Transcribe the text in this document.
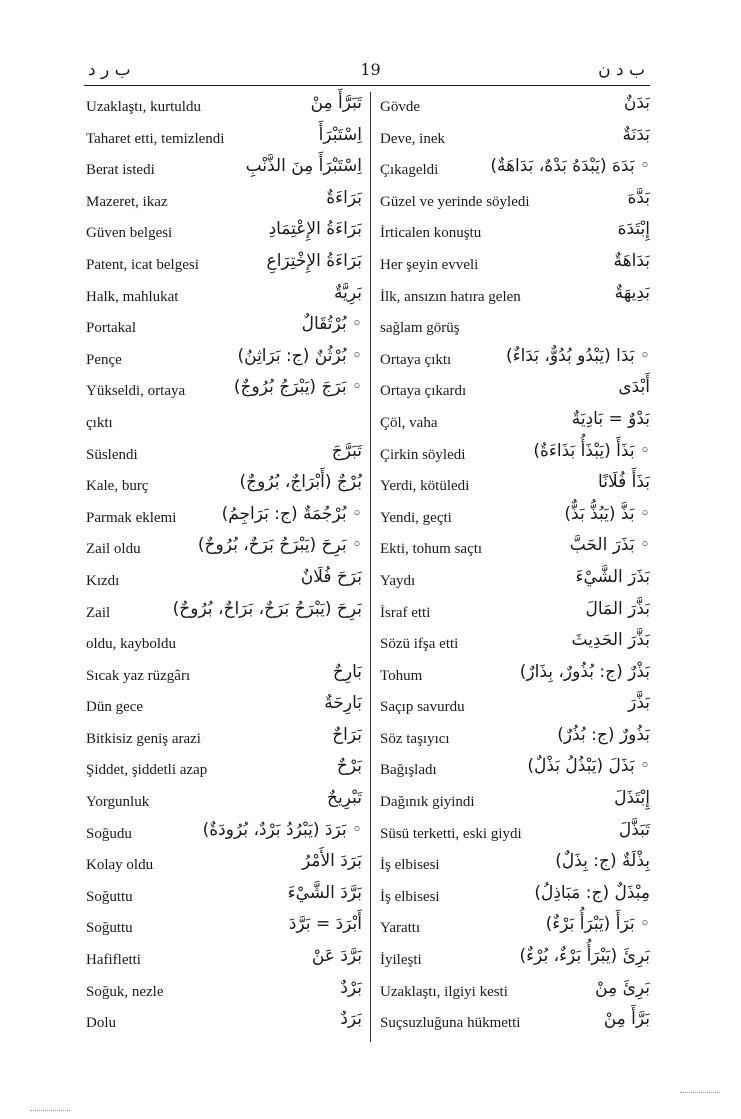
ب ر د	19	ب د ن
Uzaklaştı, kurtuldu	تَبَرَّأَ مِنْ
Taharet etti, temizlendi	اِسْتَبْرَأَ
Berat istedi	اِسْتَبْرَأَ مِنَ الذَّنْبِ
Mazeret, ikaz	بَرَاءَةٌ
Güven belgesi	بَرَاءَةُ الإِعْتِمَادِ
Patent, icat belgesi	بَرَاءَةُ الإِخْتِرَاعِ
Halk, mahlukat	بَرِيَّةٌ
Portakal	◦ بُرْتُقَالٌ
Pençe	◦ بُرْثُنٌ (ج: بَرَاثِنُ)
Yükseldi, ortaya	◦ بَرَجَ (يَبْرَجُ بُرُوجٌ)
çıktı
Süslendi	تَبَرَّجَ
Kale, burç	بُرْجٌ (أَبْرَاجٌ، بُرُوجٌ)
Parmak eklemi	◦ بُرْجُمَةٌ (ج: بَرَاجِمُ)
Zail oldu	◦ بَرِحَ (يَبْرَحُ بَرَحٌ، بُرُوحٌ)
Kızdı	بَرَحَ فُلَانٌ
Zail	بَرِحَ (يَبْرَحُ بَرَحٌ، بَرَاحٌ، بُرُوحٌ)
oldu, kayboldu
Sıcak yaz rüzgârı	بَارِحٌ
Dün gece	بَارِحَةٌ
Bitkisiz geniş arazi	بَرَاحٌ
Şiddet, şiddetli azap	بَرْحٌ
Yorgunluk	تَبْرِيحٌ
Soğudu	◦ بَرَدَ (يَبْرُدُ بَرْدٌ، بُرُودَةٌ)
Kolay oldu	بَرَدَ الأَمْرُ
Soğuttu	بَرَّدَ الشَّيْءَ
Soğuttu	أَبْرَدَ = بَرَّدَ
Hafifletti	بَرَّدَ عَنْ
Soğuk, nezle	بَرْدٌ
Dolu	بَرَدٌ
Gövde	بَدَنٌ
Deve, inek	بَدَنَةٌ
Çıkageldi	◦ بَدَهَ (يَبْدَهُ بَدْهٌ، بَدَاهَةٌ)
Güzel ve yerinde söyledi	بَدَّهَ
İrticalen konuştu	إِبْتَدَهَ
Her şeyin evveli	بَدَاهَةٌ
İlk, ansızın hatıra gelen	بَدِيهَةٌ
sağlam görüş
Ortaya çıktı	◦ بَدَا (يَبْدُو بُدُوٌّ، بَدَاءٌ)
Ortaya çıkardı	أَبْدَى
Çöl, vaha	بَدْوٌ = بَادِيَةٌ
Çirkin söyledi	◦ بَذَأَ (يَبْذَأُ بَذَاءَةٌ)
Yerdi, kötüledi	بَذَأَ فُلَانًا
Yendi, geçti	◦ بَذَّ (يَبُذُّ بَذٌّ)
Ekti, tohum saçtı	◦ بَذَرَ الحَبَّ
Yaydı	بَذَرَ الشَّيْءَ
İsraf etti	بَذَّرَ المَالَ
Sözü ifşa etti	بَذَّرَ الحَدِيثَ
Tohum	بَذْرٌ (ج: بُذُورٌ، بِذَارٌ)
Saçıp savurdu	بَذَّرَ
Söz taşıyıcı	بَذُورٌ (ج: بُذُرٌ)
Bağışladı	◦ بَذَلَ (يَبْذُلُ بَذْلٌ)
Dağınık giyindi	إِبْتَذَلَ
Süsü terketti, eski giydi	تَبَذَّلَ
İş elbisesi	بِذْلَةٌ (ج: بِذَلٌ)
İş elbisesi	مِبْذَلٌ (ج: مَبَاذِلُ)
Yarattı	◦ بَرَأَ (يَبْرَأُ بَرْءٌ)
İyileşti	بَرِئَ (يَبْرَأُ بَرْءٌ، بُرْءٌ)
Uzaklaştı, ilgiyi kesti	بَرِئَ مِنْ
Suçsuzluğuna hükmetti	بَرَّأَ مِنْ
